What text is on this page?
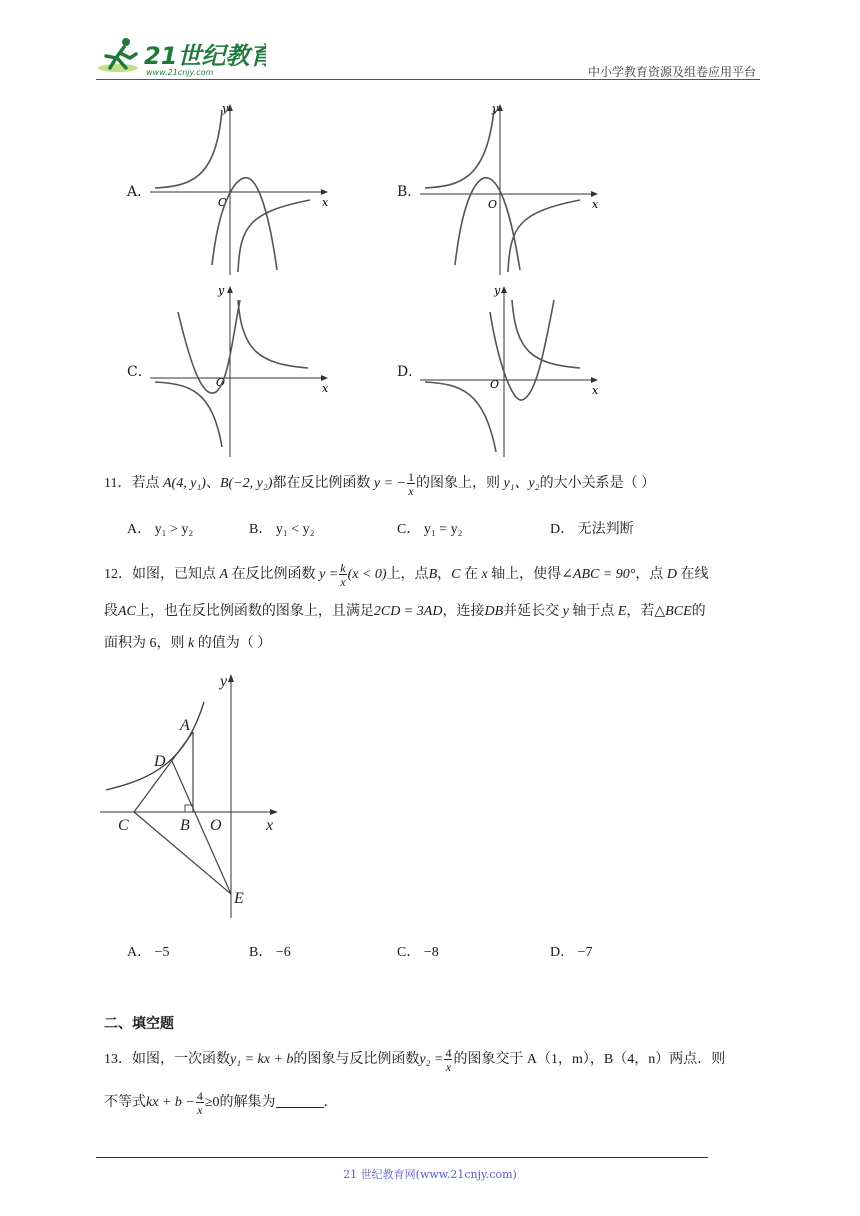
21世纪教育
www.21cnjy.com	中小学教育资源及组卷应用平台
A．
y
x
O
B．
y
x
O
C．
y
x
O
D．
y
x
O
11．若点 A(4, y₁)、B(−2, y₂)都在反比例函数 y = − $\frac{1}{x}$ 的图象上，则 y₁、y₂的大小关系是（ ）
A． y₁ > y₂	B． y₁ < y₂	C． y₁ = y₂	D． 无法判断
12．如图，已知点 A 在反比例函数 $y = \frac{k}{x} (x < 0)$上，点B，C 在 x 轴上，使得∠ABC = 90°，点 D 在线
段AC上，也在反比例函数的图象上，且满足2CD = 3AD，连接DB并延长交 y 轴于点 E，若△BCE的
面积为 6，则 k 的值为（ ）
y
A
D
C	B O	x
E
A． −5	B． −6	C． −8	D． −7
二、填空题
13．如图，一次函数y₁ = kx + b的图象与反比例函数$y_2 = \frac{4}{x}$ 的图象交于 A（1，m），B（4，n）两点．则
不等式kx + $b - \frac{4}{x} \ge 0$的解集为	．
21 世纪教育网(www.21cnjy.com)
